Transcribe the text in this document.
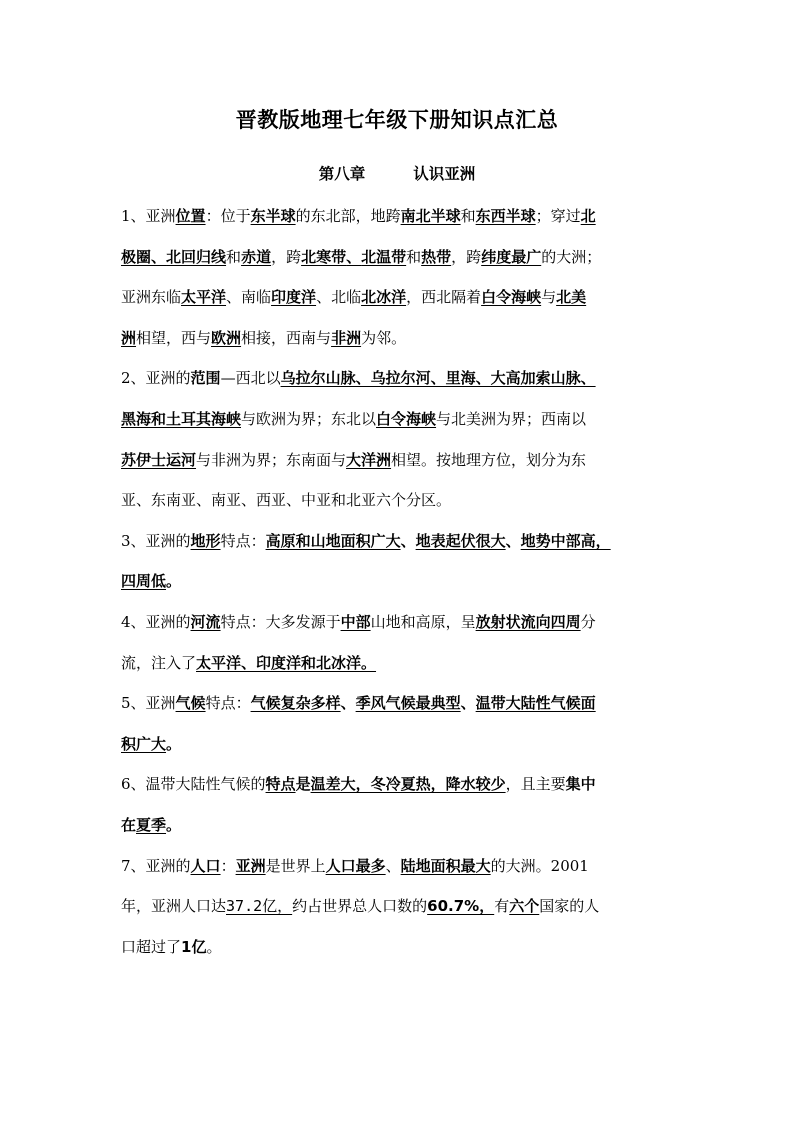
晋教版地理七年级下册知识点汇总
第八章	认识亚洲
1、亚洲位置：位于东半球的东北部，地跨南北半球和东西半球；穿过北
极圈、北回归线和赤道，跨北寒带、北温带和热带，跨纬度最广的大洲；
亚洲东临太平洋、南临印度洋、北临北冰洋，西北隔着白令海峡与北美
洲相望，西与欧洲相接，西南与非洲为邻。
2、亚洲的范围—西北以乌拉尔山脉、乌拉尔河、里海、大高加索山脉、
黑海和土耳其海峡与欧洲为界；东北以白令海峡与北美洲为界；西南以
苏伊士运河与非洲为界；东南面与大洋洲相望。按地理方位，划分为东
亚、东南亚、南亚、西亚、中亚和北亚六个分区。
3、亚洲的地形特点：高原和山地面积广大、地表起伏很大、地势中部高，
四周低。
4、亚洲的河流特点：大多发源于中部山地和高原，呈放射状流向四周分
流，注入了太平洋、印度洋和北冰洋。
5、亚洲气候特点：气候复杂多样、季风气候最典型、温带大陆性气候面
积广大。
6、温带大陆性气候的特点是温差大，冬冷夏热，降水较少，且主要集中
在夏季。
7、亚洲的人口：亚洲是世界上人口最多、陆地面积最大的大洲。2001
年，亚洲人口达37.2亿，约占世界总人口数的60.7%，有六个国家的人
口超过了1亿。
